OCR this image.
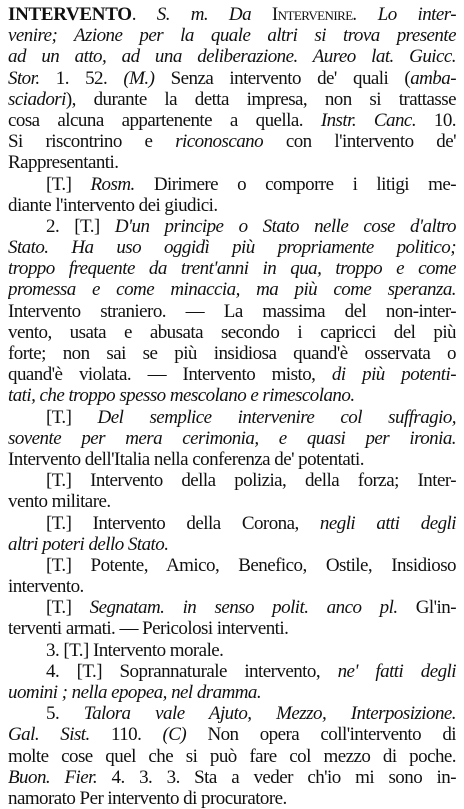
INTERVENTO. S. m. Da Intervenire. Lo inter-
venire; Azione per la quale altri si trova presente
ad un atto, ad una deliberazione. Aureo lat. Guicc.
Stor. 1. 52. (M.) Senza intervento de' quali (amba-
sciadori), durante la detta impresa, non si trattasse
cosa alcuna appartenente a quella. Instr. Canc. 10.
Si riscontrino e riconoscano con l'intervento de'
Rappresentanti.
[T.] Rosm. Dirimere o comporre i litigi me-
diante l'intervento dei giudici.
2. [T.] D'un principe o Stato nelle cose d'altro
Stato. Ha uso oggidì più propriamente politico;
troppo frequente da trent'anni in qua, troppo e come
promessa e come minaccia, ma più come speranza.
Intervento straniero. — La massima del non-inter-
vento, usata e abusata secondo i capricci del più
forte; non sai se più insidiosa quand'è osservata o
quand'è violata. — Intervento misto, di più potenti-
tati, che troppo spesso mescolano e rimescolano.
[T.] Del semplice intervenire col suffragio,
sovente per mera cerimonia, e quasi per ironia.
Intervento dell'Italia nella conferenza de' potentati.
[T.] Intervento della polizia, della forza; Inter-
vento militare.
[T.] Intervento della Corona, negli atti degli
altri poteri dello Stato.
[T.] Potente, Amico, Benefico, Ostile, Insidioso
intervento.
[T.] Segnatam. in senso polit. anco pl. Gl'in-
terventi armati. — Pericolosi interventi.
3. [T.] Intervento morale.
4. [T.] Soprannaturale intervento, ne' fatti degli
uomini ; nella epopea, nel dramma.
5. Talora vale Ajuto, Mezzo, Interposizione.
Gal. Sist. 110. (C) Non opera coll'intervento di
molte cose quel che si può fare col mezzo di poche.
Buon. Fier. 4. 3. 3. Sta a veder ch'io mi sono in-
namorato Per intervento di procuratore.
